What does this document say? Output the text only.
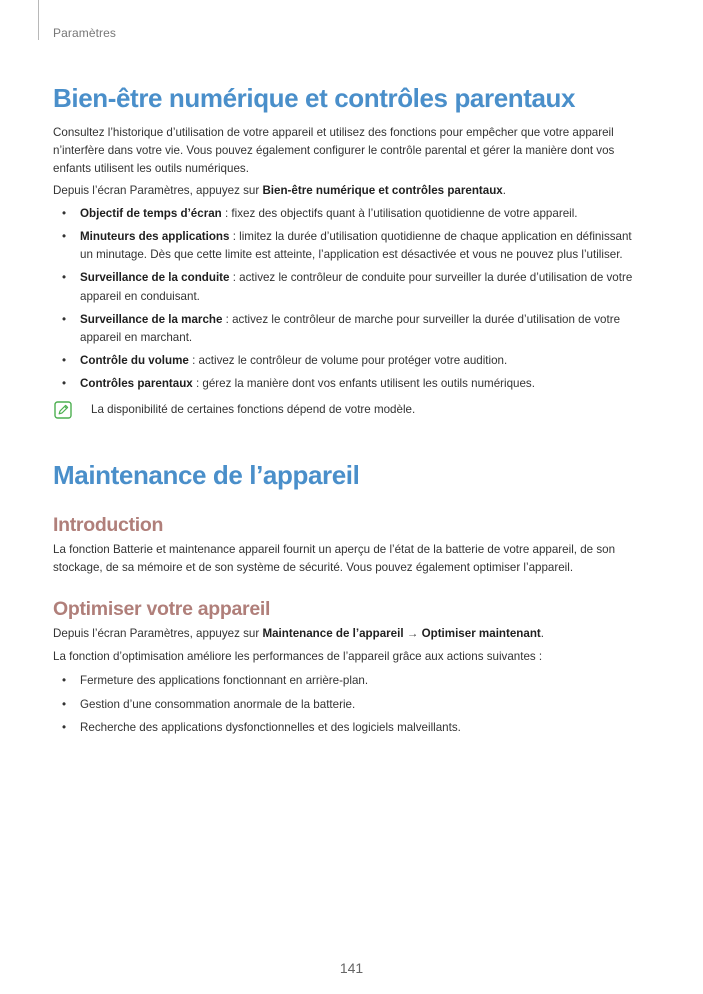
Paramètres
Bien-être numérique et contrôles parentaux

Consultez l’historique d’utilisation de votre appareil et utilisez des fonctions pour empêcher que votre appareil n’interfère dans votre vie. Vous pouvez également configurer le contrôle parental et gérer la manière dont vos enfants utilisent les outils numériques.

Depuis l’écran Paramètres, appuyez sur Bien-être numérique et contrôles parentaux.

• Objectif de temps d’écran : fixez des objectifs quant à l’utilisation quotidienne de votre appareil.
• Minuteurs des applications : limitez la durée d’utilisation quotidienne de chaque application en définissant un minutage. Dès que cette limite est atteinte, l’application est désactivée et vous ne pouvez plus l’utiliser.
• Surveillance de la conduite : activez le contrôleur de conduite pour surveiller la durée d’utilisation de votre appareil en conduisant.
• Surveillance de la marche : activez le contrôleur de marche pour surveiller la durée d’utilisation de votre appareil en marchant.
• Contrôle du volume : activez le contrôleur de volume pour protéger votre audition.
• Contrôles parentaux : gérez la manière dont vos enfants utilisent les outils numériques.
La disponibilité de certaines fonctions dépend de votre modèle.
Maintenance de l’appareil
Introduction

La fonction Batterie et maintenance appareil fournit un aperçu de l’état de la batterie de votre appareil, de son stockage, de sa mémoire et de son système de sécurité. Vous pouvez également optimiser l’appareil.

Optimiser votre appareil

Depuis l’écran Paramètres, appuyez sur Maintenance de l’appareil → Optimiser maintenant.

La fonction d’optimisation améliore les performances de l’appareil grâce aux actions suivantes :

• Fermeture des applications fonctionnant en arrière-plan.
• Gestion d’une consommation anormale de la batterie.
• Recherche des applications dysfonctionnelles et des logiciels malveillants.
141
